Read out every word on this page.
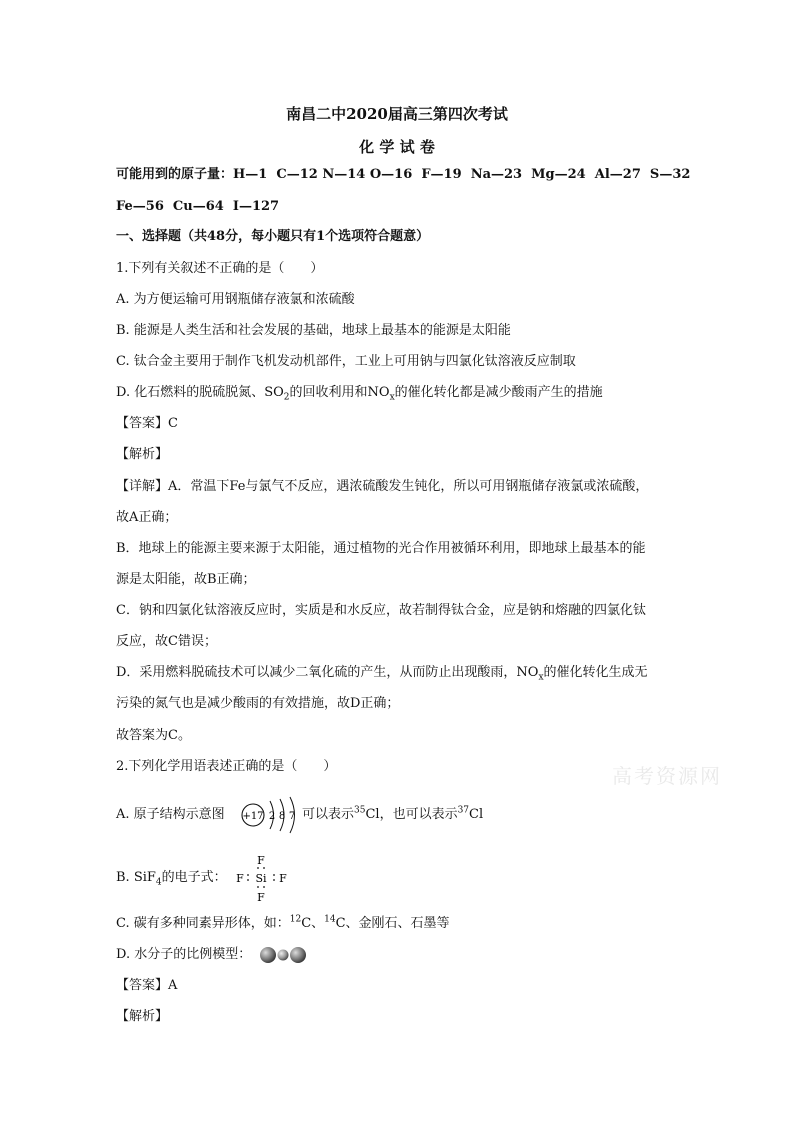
高考资源网
南昌二中2020届高三第四次考试
化 学 试 卷
可能用到的原子量：H—1  C—12 N—14 O—16  F—19  Na—23  Mg—24  Al—27  S—32
Fe—56  Cu—64  I—127
一、选择题（共48分，每小题只有1个选项符合题意）
1.下列有关叙述不正确的是（　　）
A. 为方便运输可用钢瓶储存液氯和浓硫酸
B. 能源是人类生活和社会发展的基础，地球上最基本的能源是太阳能
C. 钛合金主要用于制作飞机发动机部件，工业上可用钠与四氯化钛溶液反应制取
D. 化石燃料的脱硫脱氮、$SO_2$的回收利用和$NO_x$的催化转化都是减少酸雨产生的措施
【答案】C
【解析】
【详解】A．常温下Fe与氯气不反应，遇浓硫酸发生钝化，所以可用钢瓶储存液氯或浓硫酸，
故A正确；
B．地球上的能源主要来源于太阳能，通过植物的光合作用被循环利用，即地球上最基本的能
源是太阳能，故B正确；
C．钠和四氯化钛溶液反应时，实质是和水反应，故若制得钛合金，应是钠和熔融的四氯化钛
反应，故C错误；
D．采用燃料脱硫技术可以减少二氧化硫的产生，从而防止出现酸雨，$NO_x$的催化转化生成无
污染的氮气也是减少酸雨的有效措施，故D正确；
故答案为C。
2.下列化学用语表述正确的是（　　）
A. 原子结构示意图 +17 2 8 7 可以表示$^{35}$Cl，也可以表示$^{37}$Cl
B. SiF$_4$的电子式：
F
F Si F
F
C. 碳有多种同素异形体，如：$^{12}$C、$^{14}$C、金刚石、石墨等
D. 水分子的比例模型：
【答案】A
【解析】
